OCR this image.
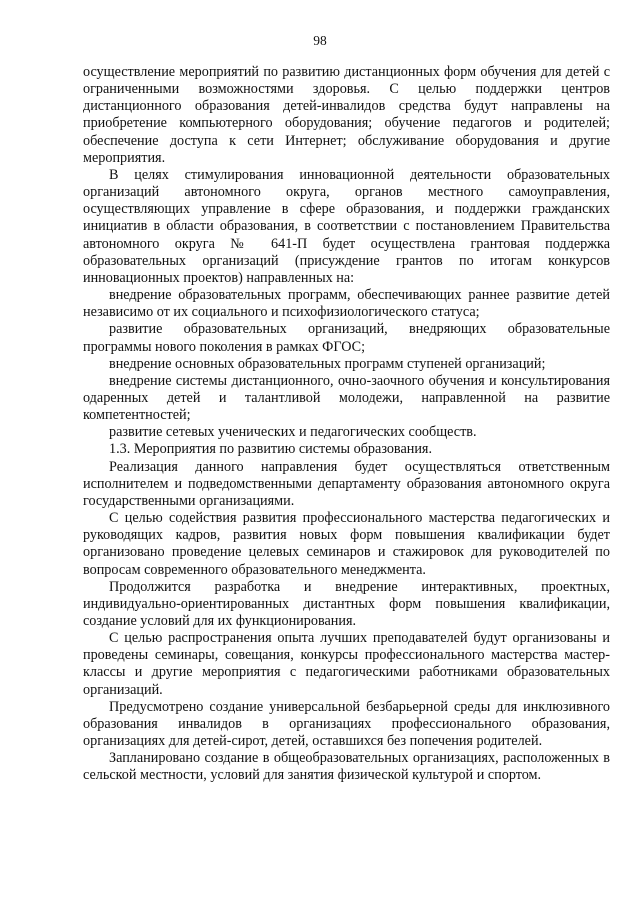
98

осуществление мероприятий по развитию дистанционных форм обучения для детей с ограниченными возможностями здоровья. С целью поддержки центров дистанционного образования детей-инвалидов средства будут направлены на приобретение компьютерного оборудования; обучение педагогов и родителей; обеспечение доступа к сети Интернет; обслуживание оборудования и другие мероприятия.

В целях стимулирования инновационной деятельности образовательных организаций автономного округа, органов местного самоуправления, осуществляющих управление в сфере образования, и поддержки гражданских инициатив в области образования, в соответствии с постановлением Правительства автономного округа № 641-П будет осуществлена грантовая поддержка образовательных организаций (присуждение грантов по итогам конкурсов инновационных проектов) направленных на:

внедрение образовательных программ, обеспечивающих раннее развитие детей независимо от их социального и психофизиологического статуса;

развитие образовательных организаций, внедряющих образовательные программы нового поколения в рамках ФГОС;

внедрение основных образовательных программ ступеней организаций;

внедрение системы дистанционного, очно-заочного обучения и консультирования одаренных детей и талантливой молодежи, направленной на развитие компетентностей;

развитие сетевых ученических и педагогических сообществ.

1.3. Мероприятия по развитию системы образования.

Реализация данного направления будет осуществляться ответственным исполнителем и подведомственными департаменту образования автономного округа государственными организациями.

С целью содействия развития профессионального мастерства педагогических и руководящих кадров, развития новых форм повышения квалификации будет организовано проведение целевых семинаров и стажировок для руководителей по вопросам современного образовательного менеджмента.

Продолжится разработка и внедрение интерактивных, проектных, индивидуально-ориентированных дистантных форм повышения квалификации, создание условий для их функционирования.

С целью распространения опыта лучших преподавателей будут организованы и проведены семинары, совещания, конкурсы профессионального мастерства мастер-классы и другие мероприятия с педагогическими работниками образовательных организаций.

Предусмотрено создание универсальной безбарьерной среды для инклюзивного образования инвалидов в организациях профессионального образования, организациях для детей-сирот, детей, оставшихся без попечения родителей.

Запланировано создание в общеобразовательных организациях, расположенных в сельской местности, условий для занятия физической культурой и спортом.
